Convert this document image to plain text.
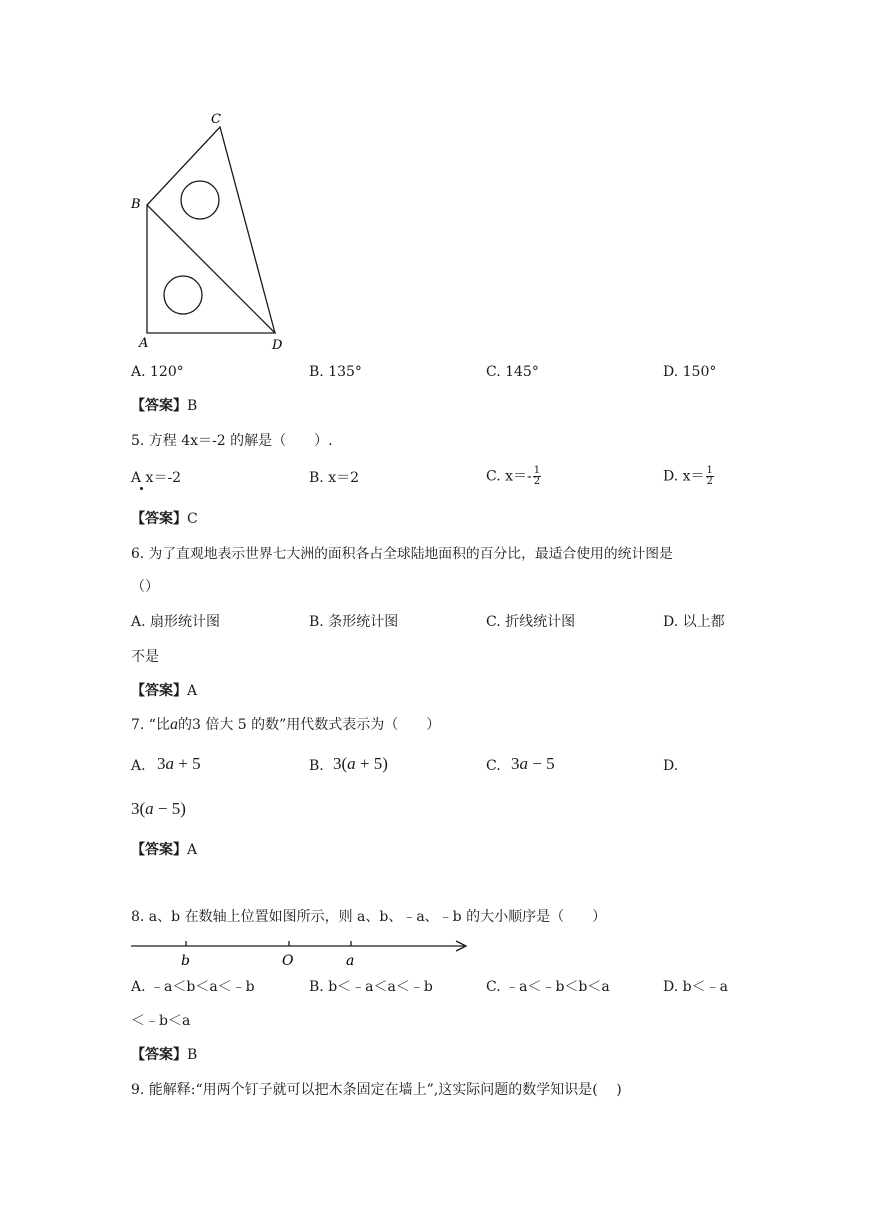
C
B
A	D
A. 120°	B. 135°	C. 145°	D. 150°
【答案】B
5. 方程 4x＝-2 的解是（　　）.
A x＝-2	B. x＝2	C. $x=- \frac{1}{2}$	D. $x= \frac{1}{2}$
【答案】C
6. 为了直观地表示世界七大洲的面积各占全球陆地面积的百分比，最适合使用的统计图是
（）
A. 扇形统计图	B. 条形统计图	C. 折线统计图	D. 以上都
不是
【答案】A
7. “比a的3 倍大 5 的数”用代数式表示为（　　）
A. 3a + 5	B. 3(a + 5)	C. 3a − 5	D.
3(a − 5)
【答案】A
8. a、b 在数轴上位置如图所示，则 a、b、﹣a、﹣b 的大小顺序是（　　）
b	O	a
A. ﹣a＜b＜a＜﹣b	B. b＜﹣a＜a＜﹣b	C. ﹣a＜﹣b＜b＜a	D. b＜﹣a
＜﹣b＜a
【答案】B
9. 能解释:“用两个钉子就可以把木条固定在墙上”,这实际问题的数学知识是(　 )
